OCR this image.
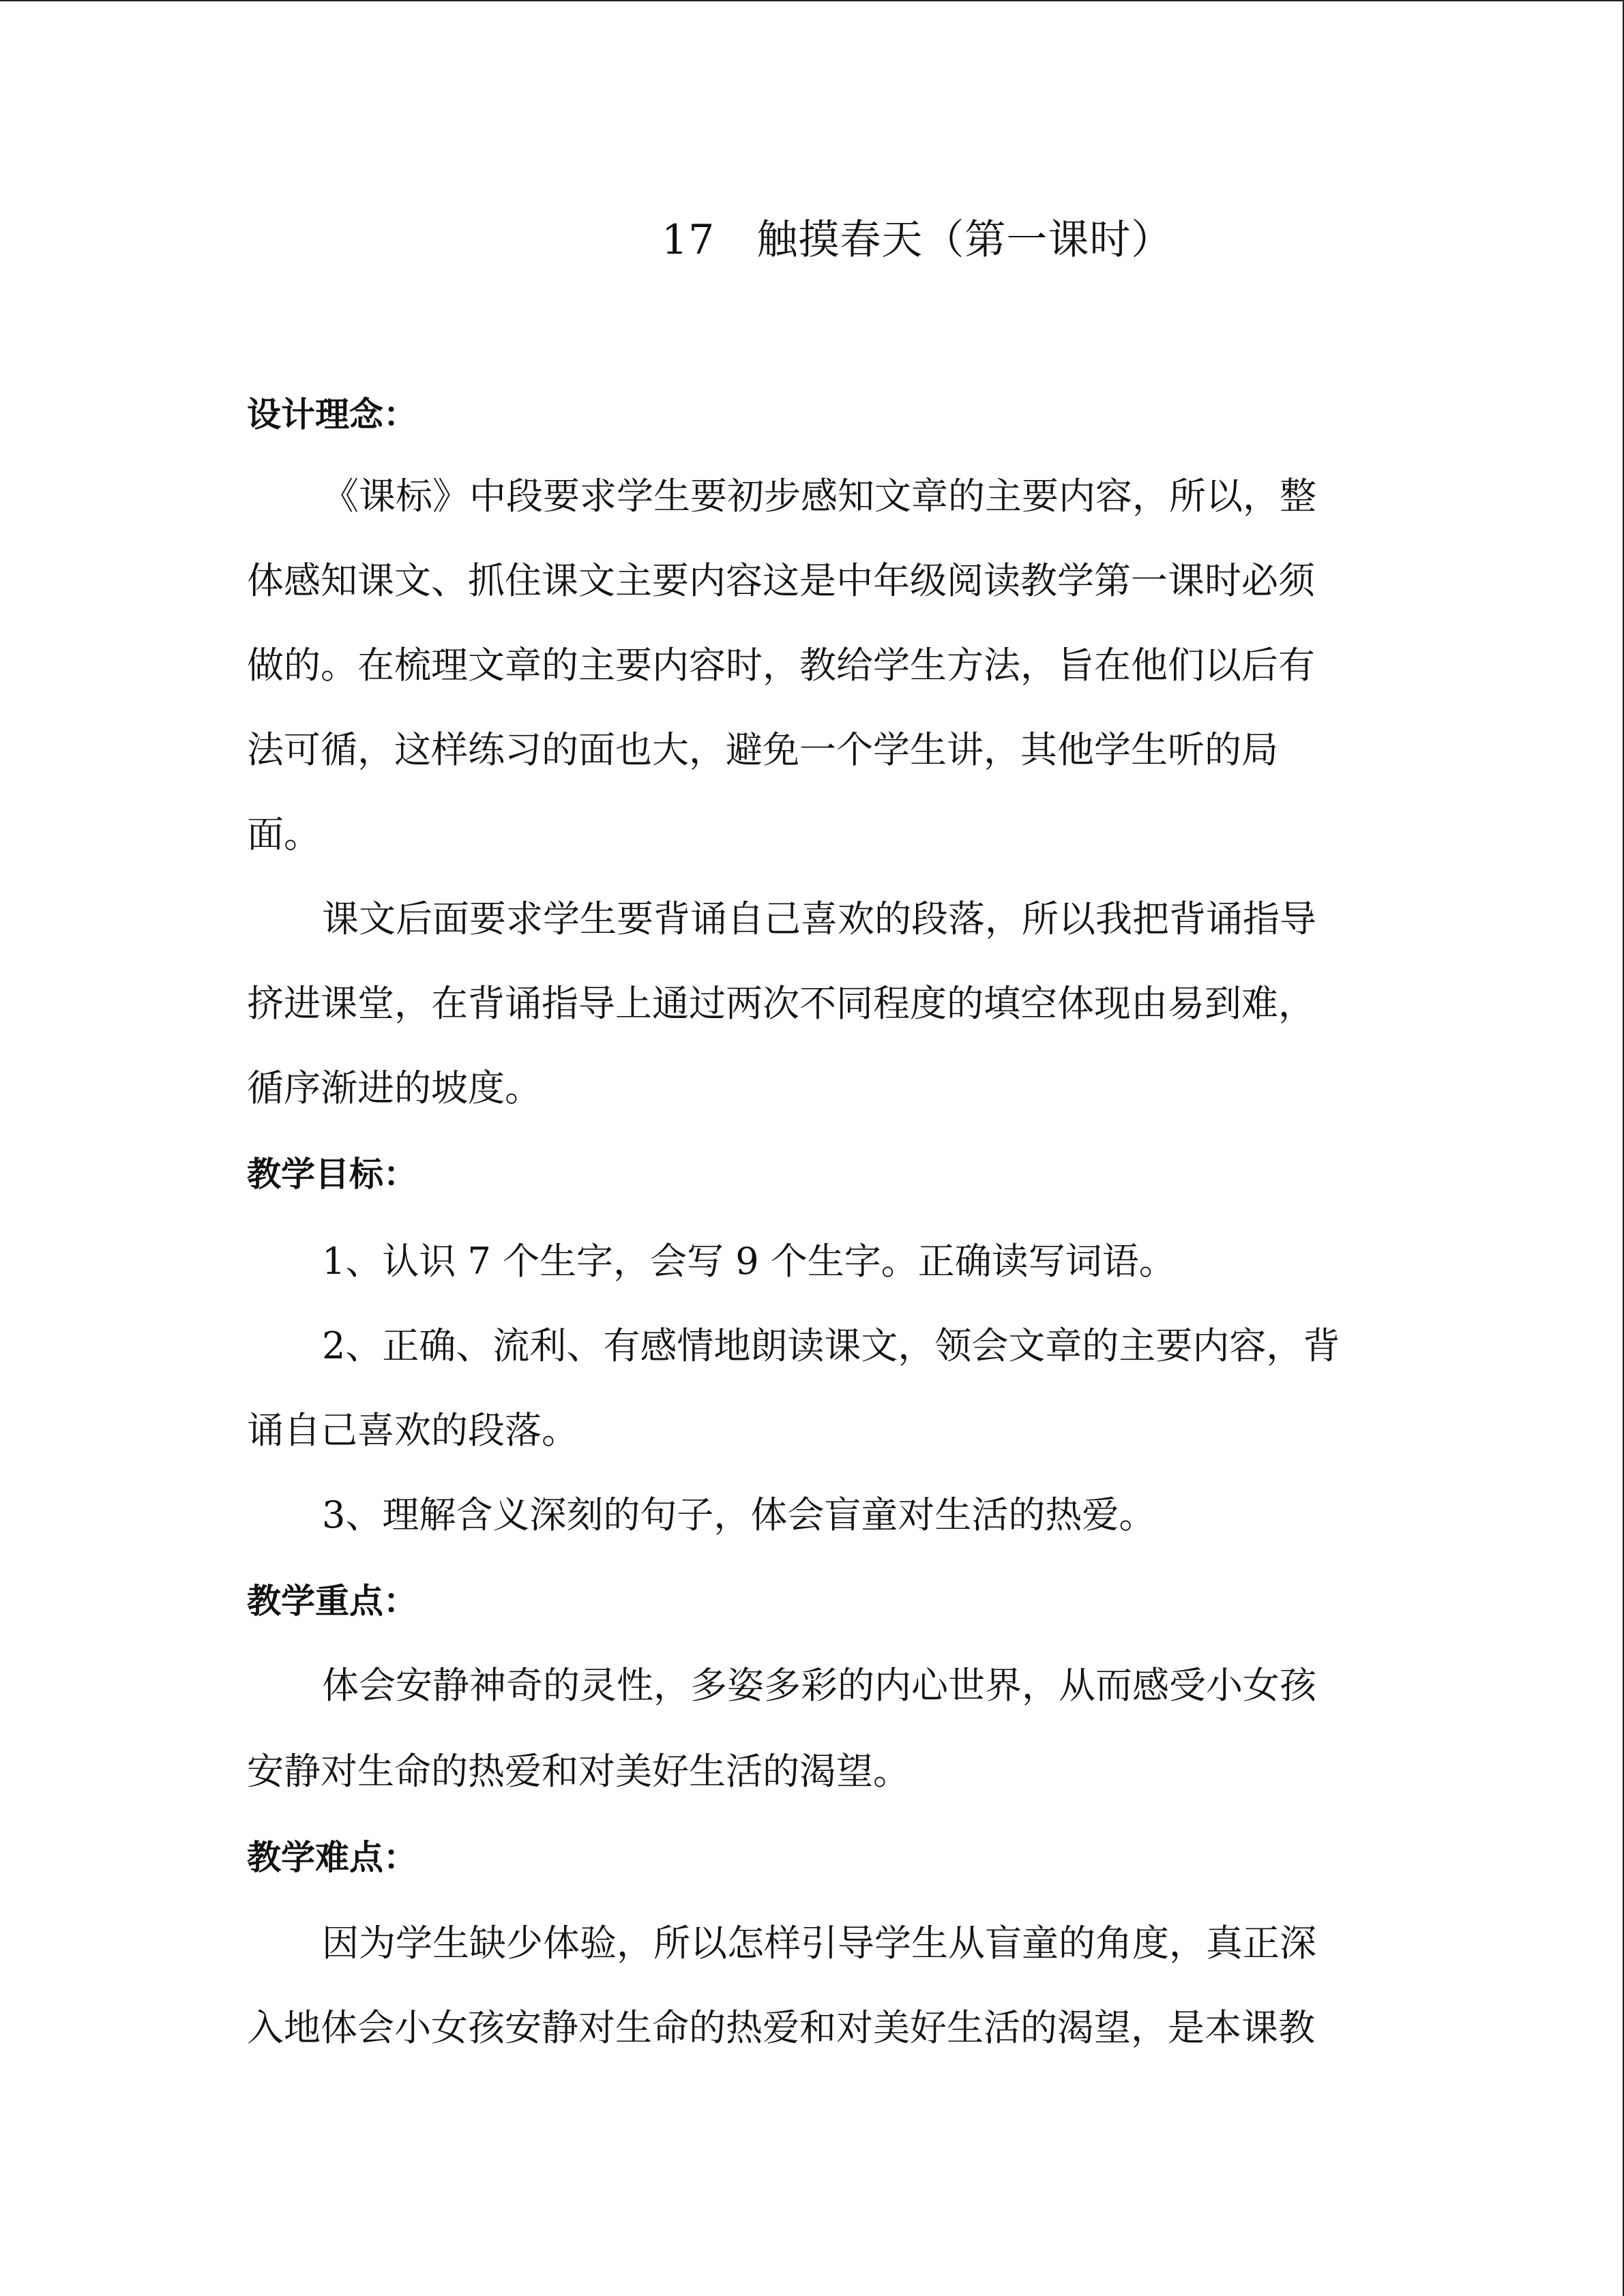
17　触摸春天（第一课时）
设计理念：
《课标》中段要求学生要初步感知文章的主要内容，所以，整
体感知课文、抓住课文主要内容这是中年级阅读教学第一课时必须
做的。在梳理文章的主要内容时，教给学生方法，旨在他们以后有
法可循，这样练习的面也大，避免一个学生讲，其他学生听的局
面。
课文后面要求学生要背诵自己喜欢的段落，所以我把背诵指导
挤进课堂，在背诵指导上通过两次不同程度的填空体现由易到难，
循序渐进的坡度。
教学目标：
1、认识 7 个生字，会写 9 个生字。正确读写词语。
2、正确、流利、有感情地朗读课文，领会文章的主要内容，背
诵自己喜欢的段落。
3、理解含义深刻的句子，体会盲童对生活的热爱。
教学重点：
体会安静神奇的灵性，多姿多彩的内心世界，从而感受小女孩
安静对生命的热爱和对美好生活的渴望。
教学难点：
因为学生缺少体验，所以怎样引导学生从盲童的角度，真正深
入地体会小女孩安静对生命的热爱和对美好生活的渴望，是本课教
